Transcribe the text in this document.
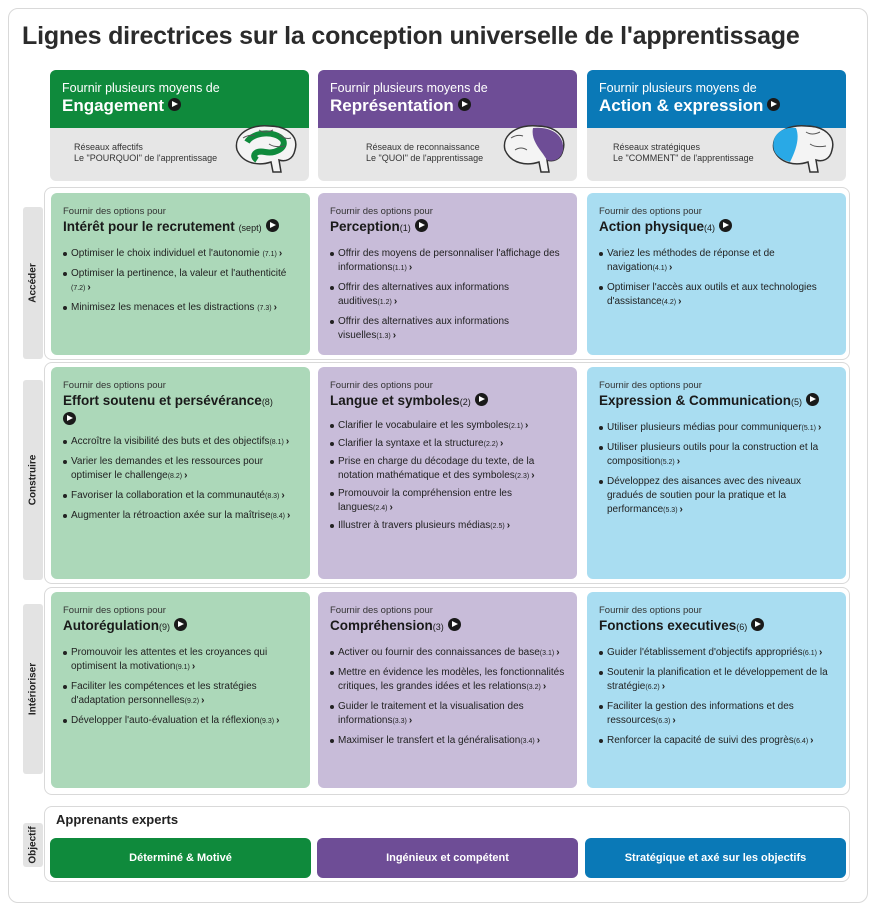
Lignes directrices sur la conception universelle de l'apprentissage
Fournir plusieurs moyens de
Engagement
Réseaux affectifs
Le "POURQUOI" de l'apprentissage
Fournir plusieurs moyens de
Représentation
Réseaux de reconnaissance
Le "QUOI" de l'apprentissage
Fournir plusieurs moyens de
Action & expression
Réseaux stratégiques
Le "COMMENT" de l'apprentissage
Accéder
Construire
Intérioriser
Fournir des options pour
Intérêt pour le recrutement (sept)
Optimiser le choix individuel et l'autonomie (7.1) ›
Optimiser la pertinence, la valeur et l'authenticité (7.2) ›
Minimisez les menaces et les distractions (7.3) ›
Fournir des options pour
Perception(1)
Offrir des moyens de personnaliser l'affichage des informations(1.1) ›
Offrir des alternatives aux informations auditives(1.2) ›
Offrir des alternatives aux informations visuelles(1.3) ›
Fournir des options pour
Action physique(4)
Variez les méthodes de réponse et de navigation(4.1) ›
Optimiser l'accès aux outils et aux technologies d'assistance(4.2) ›
Fournir des options pour
Effort soutenu et persévérance(8)

Accroître la visibilité des buts et des objectifs(8.1) ›
Varier les demandes et les ressources pour optimiser le challenge(8.2) ›
Favoriser la collaboration et la communauté(8.3) ›
Augmenter la rétroaction axée sur la maîtrise(8.4) ›
Fournir des options pour
Langue et symboles(2)
Clarifier le vocabulaire et les symboles(2.1) ›
Clarifier la syntaxe et la structure(2.2) ›
Prise en charge du décodage du texte, de la notation mathématique et des symboles(2.3) ›
Promouvoir la compréhension entre les langues(2.4) ›
Illustrer à travers plusieurs médias(2.5) ›
Fournir des options pour
Expression & Communication(5)
Utiliser plusieurs médias pour communiquer(5.1) ›
Utiliser plusieurs outils pour la construction et la composition(5.2) ›
Développez des aisances avec des niveaux gradués de soutien pour la pratique et la performance(5.3) ›
Fournir des options pour
Autorégulation(9)
Promouvoir les attentes et les croyances qui optimisent la motivation(9.1) ›
Faciliter les compétences et les stratégies d'adaptation personnelles(9.2) ›
Développer l'auto-évaluation et la réflexion(9.3) ›
Fournir des options pour
Compréhension(3)
Activer ou fournir des connaissances de base(3.1) ›
Mettre en évidence les modèles, les fonctionnalités critiques, les grandes idées et les relations(3.2) ›
Guider le traitement et la visualisation des informations(3.3) ›
Maximiser le transfert et la généralisation(3.4) ›
Fournir des options pour
Fonctions executives(6)
Guider l'établissement d'objectifs appropriés(6.1) ›
Soutenir la planification et le développement de la stratégie(6.2) ›
Faciliter la gestion des informations et des ressources(6.3) ›
Renforcer la capacité de suivi des progrès(6.4) ›
Objectif
Apprenants experts
Déterminé & Motivé	Ingénieux et compétent	Stratégique et axé sur les objectifs
